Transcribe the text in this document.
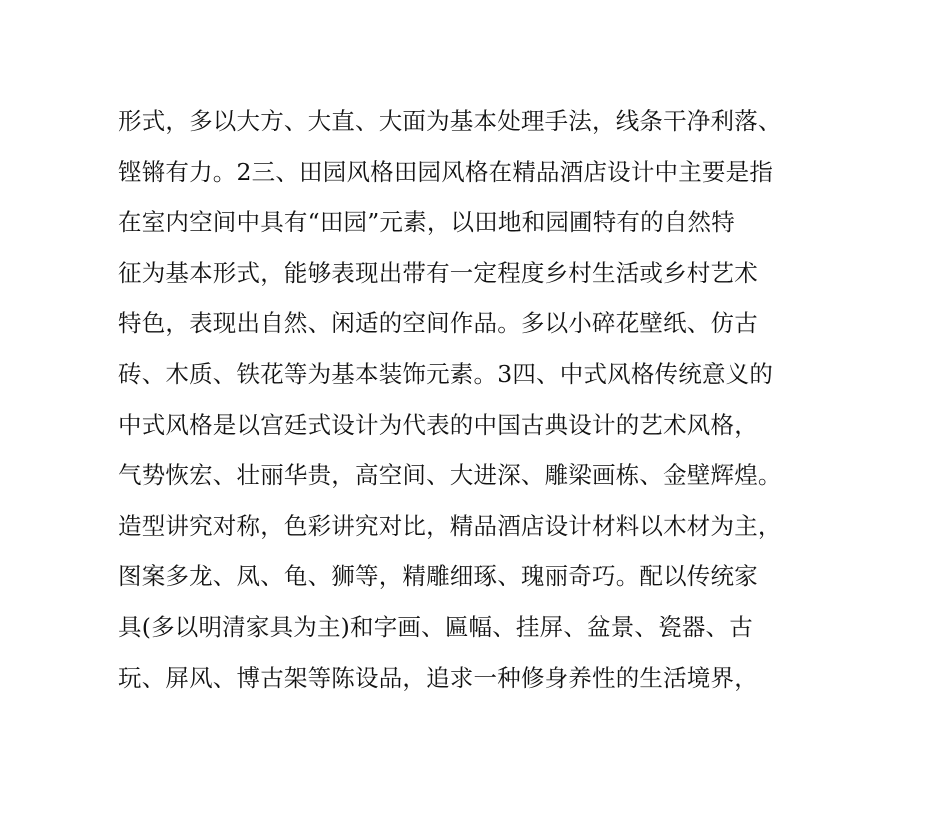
形式，多以大方、大直、大面为基本处理手法，线条干净利落、
铿锵有力。2三、田园风格田园风格在精品酒店设计中主要是指
在室内空间中具有“田园”元素，以田地和园圃特有的自然特
征为基本形式，能够表现出带有一定程度乡村生活或乡村艺术
特色，表现出自然、闲适的空间作品。多以小碎花壁纸、仿古
砖、木质、铁花等为基本装饰元素。3四、中式风格传统意义的
中式风格是以宫廷式设计为代表的中国古典设计的艺术风格，
气势恢宏、壮丽华贵，高空间、大进深、雕梁画栋、金壁辉煌。
造型讲究对称，色彩讲究对比，精品酒店设计材料以木材为主，
图案多龙、凤、龟、狮等，精雕细琢、瑰丽奇巧。配以传统家
具(多以明清家具为主)和字画、匾幅、挂屏、盆景、瓷器、古
玩、屏风、博古架等陈设品，追求一种修身养性的生活境界，
